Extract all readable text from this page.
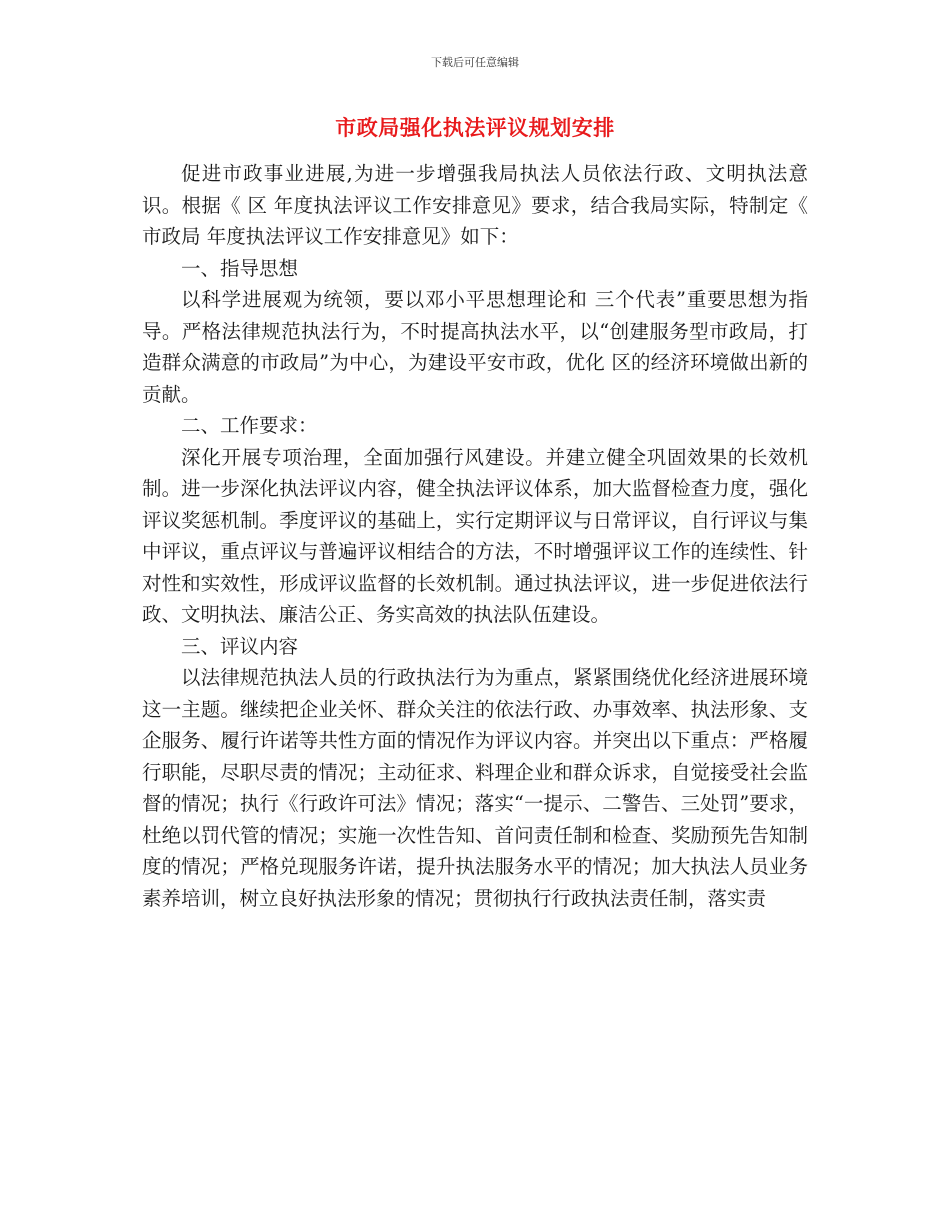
下载后可任意编辑
市政局强化执法评议规划安排

促进市政事业进展,为进一步增强我局执法人员依法行政、文明执法意识。根据《 区 年度执法评议工作安排意见》要求，结合我局实际，特制定《 市政局 年度执法评议工作安排意见》如下：

一、指导思想

以科学进展观为统领，要以邓小平思想理论和 三个代表”重要思想为指导。严格法律规范执法行为，不时提高执法水平，以“创建服务型市政局，打造群众满意的市政局”为中心，为建设平安市政，优化 区的经济环境做出新的贡献。

二、工作要求：

深化开展专项治理，全面加强行风建设。并建立健全巩固效果的长效机制。进一步深化执法评议内容，健全执法评议体系，加大监督检查力度，强化评议奖惩机制。季度评议的基础上，实行定期评议与日常评议，自行评议与集中评议，重点评议与普遍评议相结合的方法，不时增强评议工作的连续性、针对性和实效性，形成评议监督的长效机制。通过执法评议，进一步促进依法行政、文明执法、廉洁公正、务实高效的执法队伍建设。

三、评议内容

以法律规范执法人员的行政执法行为为重点，紧紧围绕优化经济进展环境这一主题。继续把企业关怀、群众关注的依法行政、办事效率、执法形象、支企服务、履行许诺等共性方面的情况作为评议内容。并突出以下重点：严格履行职能，尽职尽责的情况；主动征求、料理企业和群众诉求，自觉接受社会监督的情况；执行《行政许可法》情况；落实“一提示、二警告、三处罚”要求，杜绝以罚代管的情况；实施一次性告知、首问责任制和检查、奖励预先告知制度的情况；严格兑现服务许诺，提升执法服务水平的情况；加大执法人员业务素养培训，树立良好执法形象的情况；贯彻执行行政执法责任制，落实责
